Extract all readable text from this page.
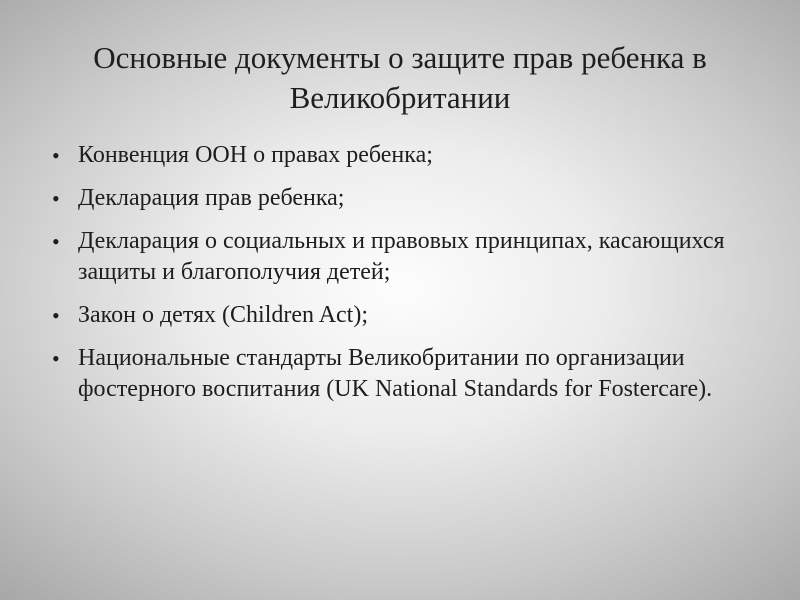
Основные документы о защите прав ребенка в Великобритании
• Конвенция ООН о правах ребенка;
• Декларация прав ребенка;
• Декларация о социальных и правовых принципах, касающихся защиты и благополучия детей;
• Закон о детях (Children Act);
• Национальные стандарты Великобритании по организации фостерного воспитания (UK National Standards for Fostercare).
